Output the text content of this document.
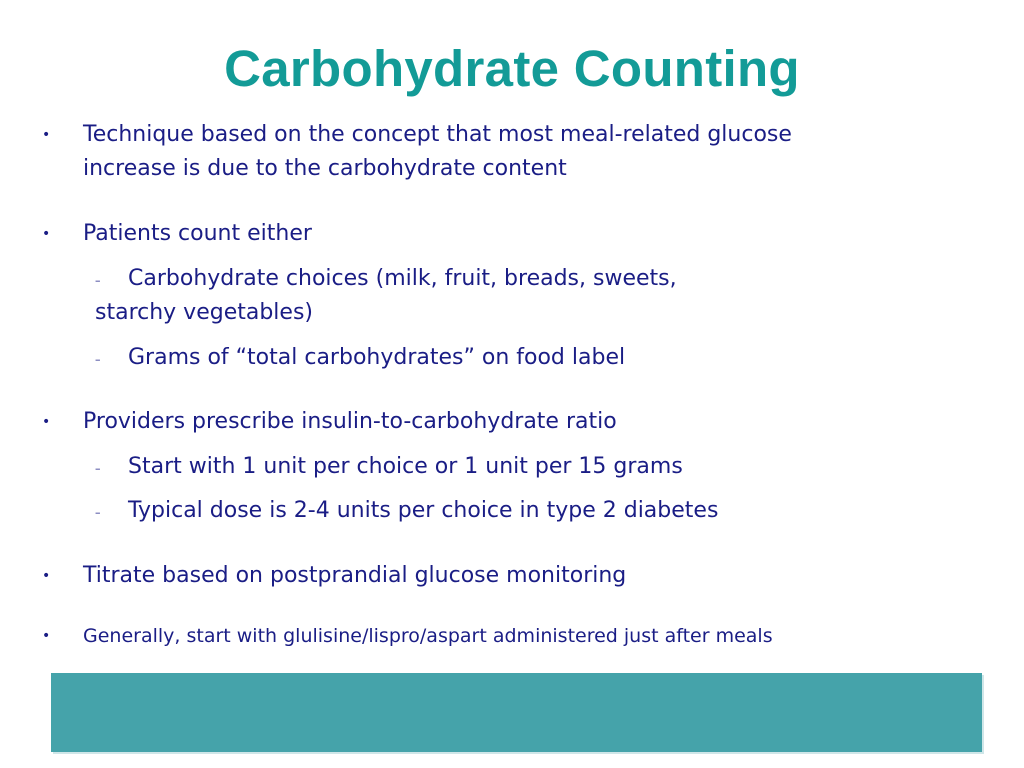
Carbohydrate Counting
• Technique based on the concept that most meal-related glucose
increase is due to the carbohydrate content
• Patients count either
– Carbohydrate choices (milk, fruit, breads, sweets,
starchy vegetables)
– Grams of “total carbohydrates” on food label
• Providers prescribe insulin-to-carbohydrate ratio
– Start with 1 unit per choice or 1 unit per 15 grams
– Typical dose is 2-4 units per choice in type 2 diabetes
• Titrate based on postprandial glucose monitoring
• Generally, start with glulisine/lispro/aspart administered just after meals
